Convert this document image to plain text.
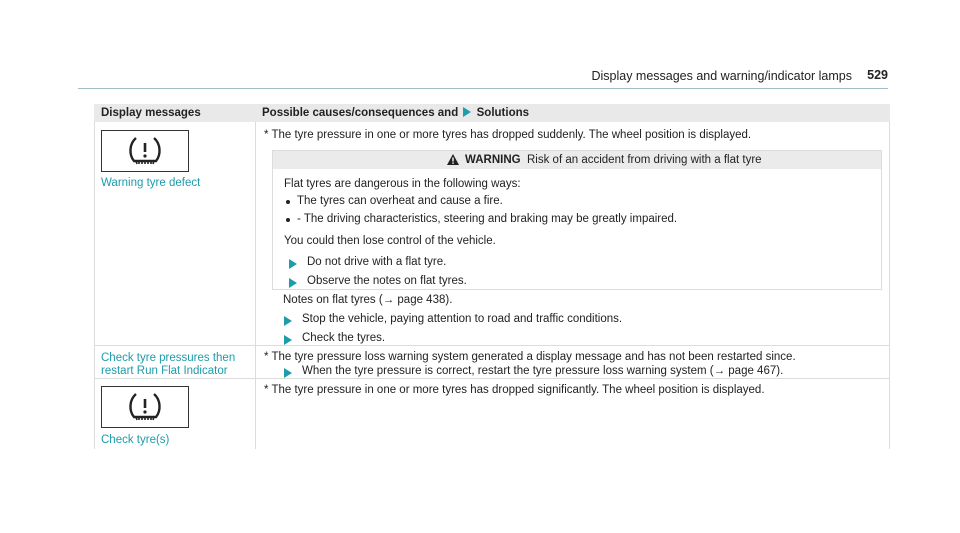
Display messages and warning/indicator lamps 529
Display messages	Possible causes/consequences and Solutions
Warning tyre defect
* The tyre pressure in one or more tyres has dropped suddenly. The wheel position is displayed.
WARNING Risk of an accident from driving with a flat tyre
Flat tyres are dangerous in the following ways:
The tyres can overheat and cause a fire.
- The driving characteristics, steering and braking may be greatly impaired.
You could then lose control of the vehicle.
Do not drive with a flat tyre.
Observe the notes on flat tyres.
Notes on flat tyres (→ page 438).
Stop the vehicle, paying attention to road and traffic conditions.
Check the tyres.
Check tyre pressures then
restart Run Flat Indicator
* The tyre pressure loss warning system generated a display message and has not been restarted since.
When the tyre pressure is correct, restart the tyre pressure loss warning system (→ page 467).
Check tyre(s)
* The tyre pressure in one or more tyres has dropped significantly. The wheel position is displayed.
